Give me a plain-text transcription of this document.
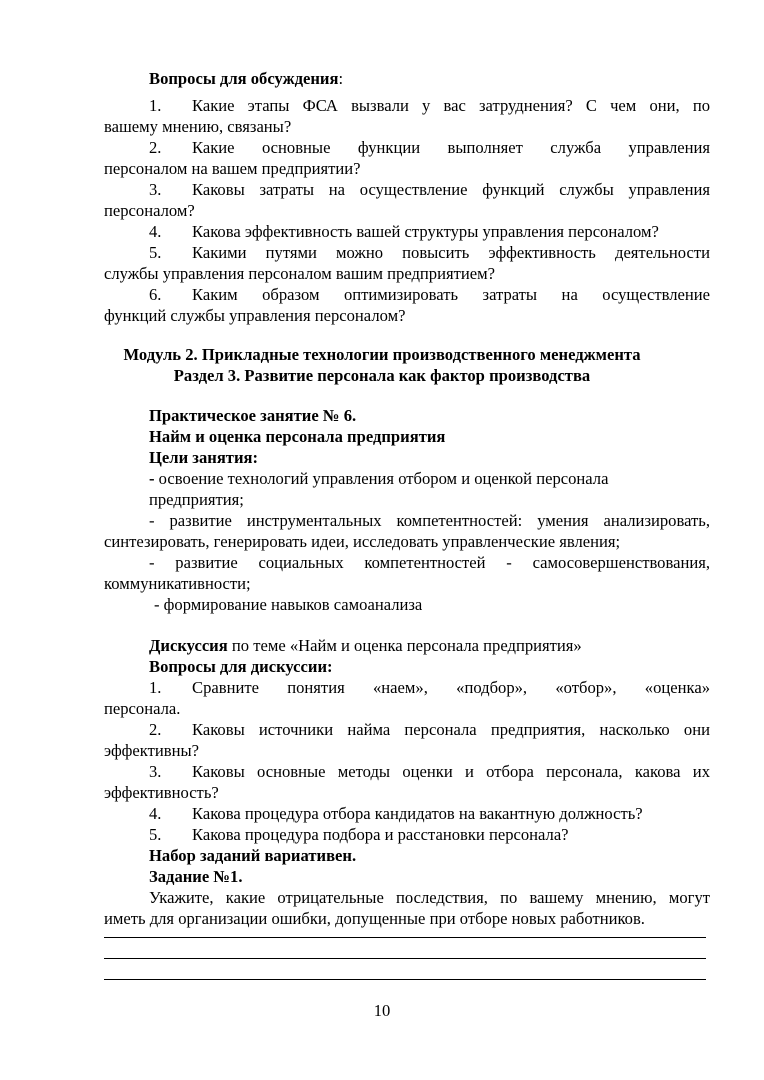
Вопросы для обсуждения:
1. Какие этапы ФСА вызвали у вас затруднения? С чем они, по
вашему мнению, связаны?
2. Какие основные функции выполняет служба управления
персоналом на вашем предприятии?
3. Каковы затраты на осуществление функций службы управления
персоналом?
4. Какова эффективность вашей структуры управления персоналом?
5. Какими путями можно повысить эффективность деятельности
службы управления персоналом вашим предприятием?
6. Каким образом оптимизировать затраты на осуществление
функций службы управления персоналом?
Модуль 2. Прикладные технологии производственного менеджмента
Раздел 3. Развитие персонала как фактор производства
Практическое занятие № 6.
Найм и оценка персонала предприятия
Цели занятия:
- освоение технологий управления отбором и оценкой персонала
предприятия;
- развитие инструментальных компетентностей: умения анализировать,
синтезировать, генерировать идеи, исследовать управленческие явления;
- развитие социальных компетентностей - самосовершенствования,
коммуникативности;
- формирование навыков самоанализа
Дискуссия по теме «Найм и оценка персонала предприятия»
Вопросы для дискуссии:
1. Сравните понятия «наем», «подбор», «отбор», «оценка»
персонала.
2. Каковы источники найма персонала предприятия, насколько они
эффективны?
3. Каковы основные методы оценки и отбора персонала, какова их
эффективность?
4. Какова процедура отбора кандидатов на вакантную должность?
5. Какова процедура подбора и расстановки персонала?
Набор заданий вариативен.
Задание №1.
Укажите, какие отрицательные последствия, по вашему мнению, могут
иметь для организации ошибки, допущенные при отборе новых работников.
10
